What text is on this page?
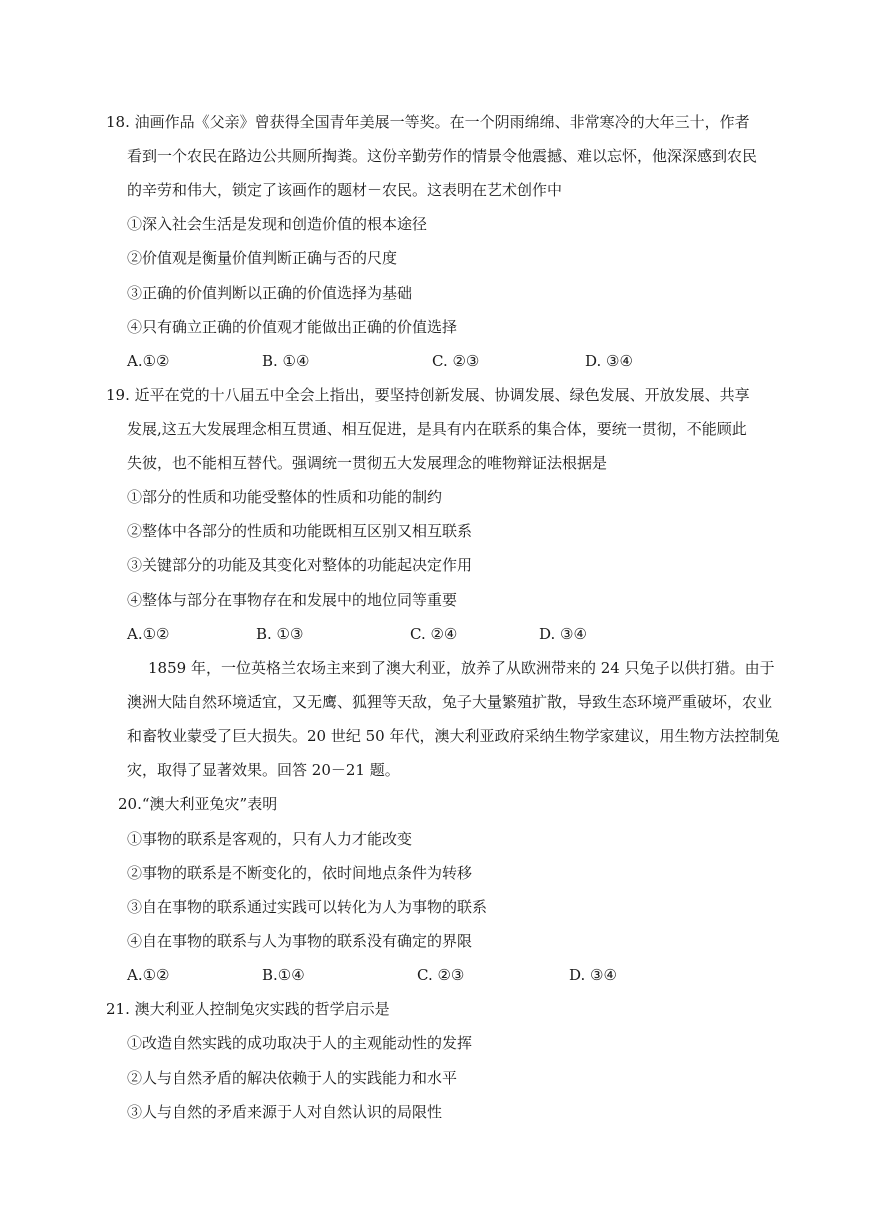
18. 油画作品《父亲》曾获得全国青年美展一等奖。在一个阴雨绵绵、非常寒冷的大年三十，作者
看到一个农民在路边公共厕所掏粪。这份辛勤劳作的情景令他震撼、难以忘怀，他深深感到农民
的辛劳和伟大，锁定了该画作的题材－农民。这表明在艺术创作中
①深入社会生活是发现和创造价值的根本途径
②价值观是衡量价值判断正确与否的尺度
③正确的价值判断以正确的价值选择为基础
④只有确立正确的价值观才能做出正确的价值选择
A.①②	B. ①④	C. ②③	D. ③④
19. 近平在党的十八届五中全会上指出，要坚持创新发展、协调发展、绿色发展、开放发展、共享
发展,这五大发展理念相互贯通、相互促进，是具有内在联系的集合体，要统一贯彻，不能顾此
失彼，也不能相互替代。强调统一贯彻五大发展理念的唯物辩证法根据是
①部分的性质和功能受整体的性质和功能的制约
②整体中各部分的性质和功能既相互区别又相互联系
③关键部分的功能及其变化对整体的功能起决定作用
④整体与部分在事物存在和发展中的地位同等重要
A.①②	B. ①③	C. ②④	D. ③④
1859 年，一位英格兰农场主来到了澳大利亚，放养了从欧洲带来的 24 只兔子以供打猎。由于
澳洲大陆自然环境适宜，又无鹰、狐狸等天敌，兔子大量繁殖扩散，导致生态环境严重破坏，农业
和畜牧业蒙受了巨大损失。20 世纪 50 年代，澳大利亚政府采纳生物学家建议，用生物方法控制兔
灾，取得了显著效果。回答 20－21 题。
20.“澳大利亚兔灾”表明
①事物的联系是客观的，只有人力才能改变
②事物的联系是不断变化的，依时间地点条件为转移
③自在事物的联系通过实践可以转化为人为事物的联系
④自在事物的联系与人为事物的联系没有确定的界限
A.①②	B.①④	C. ②③	D. ③④
21. 澳大利亚人控制兔灾实践的哲学启示是
①改造自然实践的成功取决于人的主观能动性的发挥
②人与自然矛盾的解决依赖于人的实践能力和水平
③人与自然的矛盾来源于人对自然认识的局限性
